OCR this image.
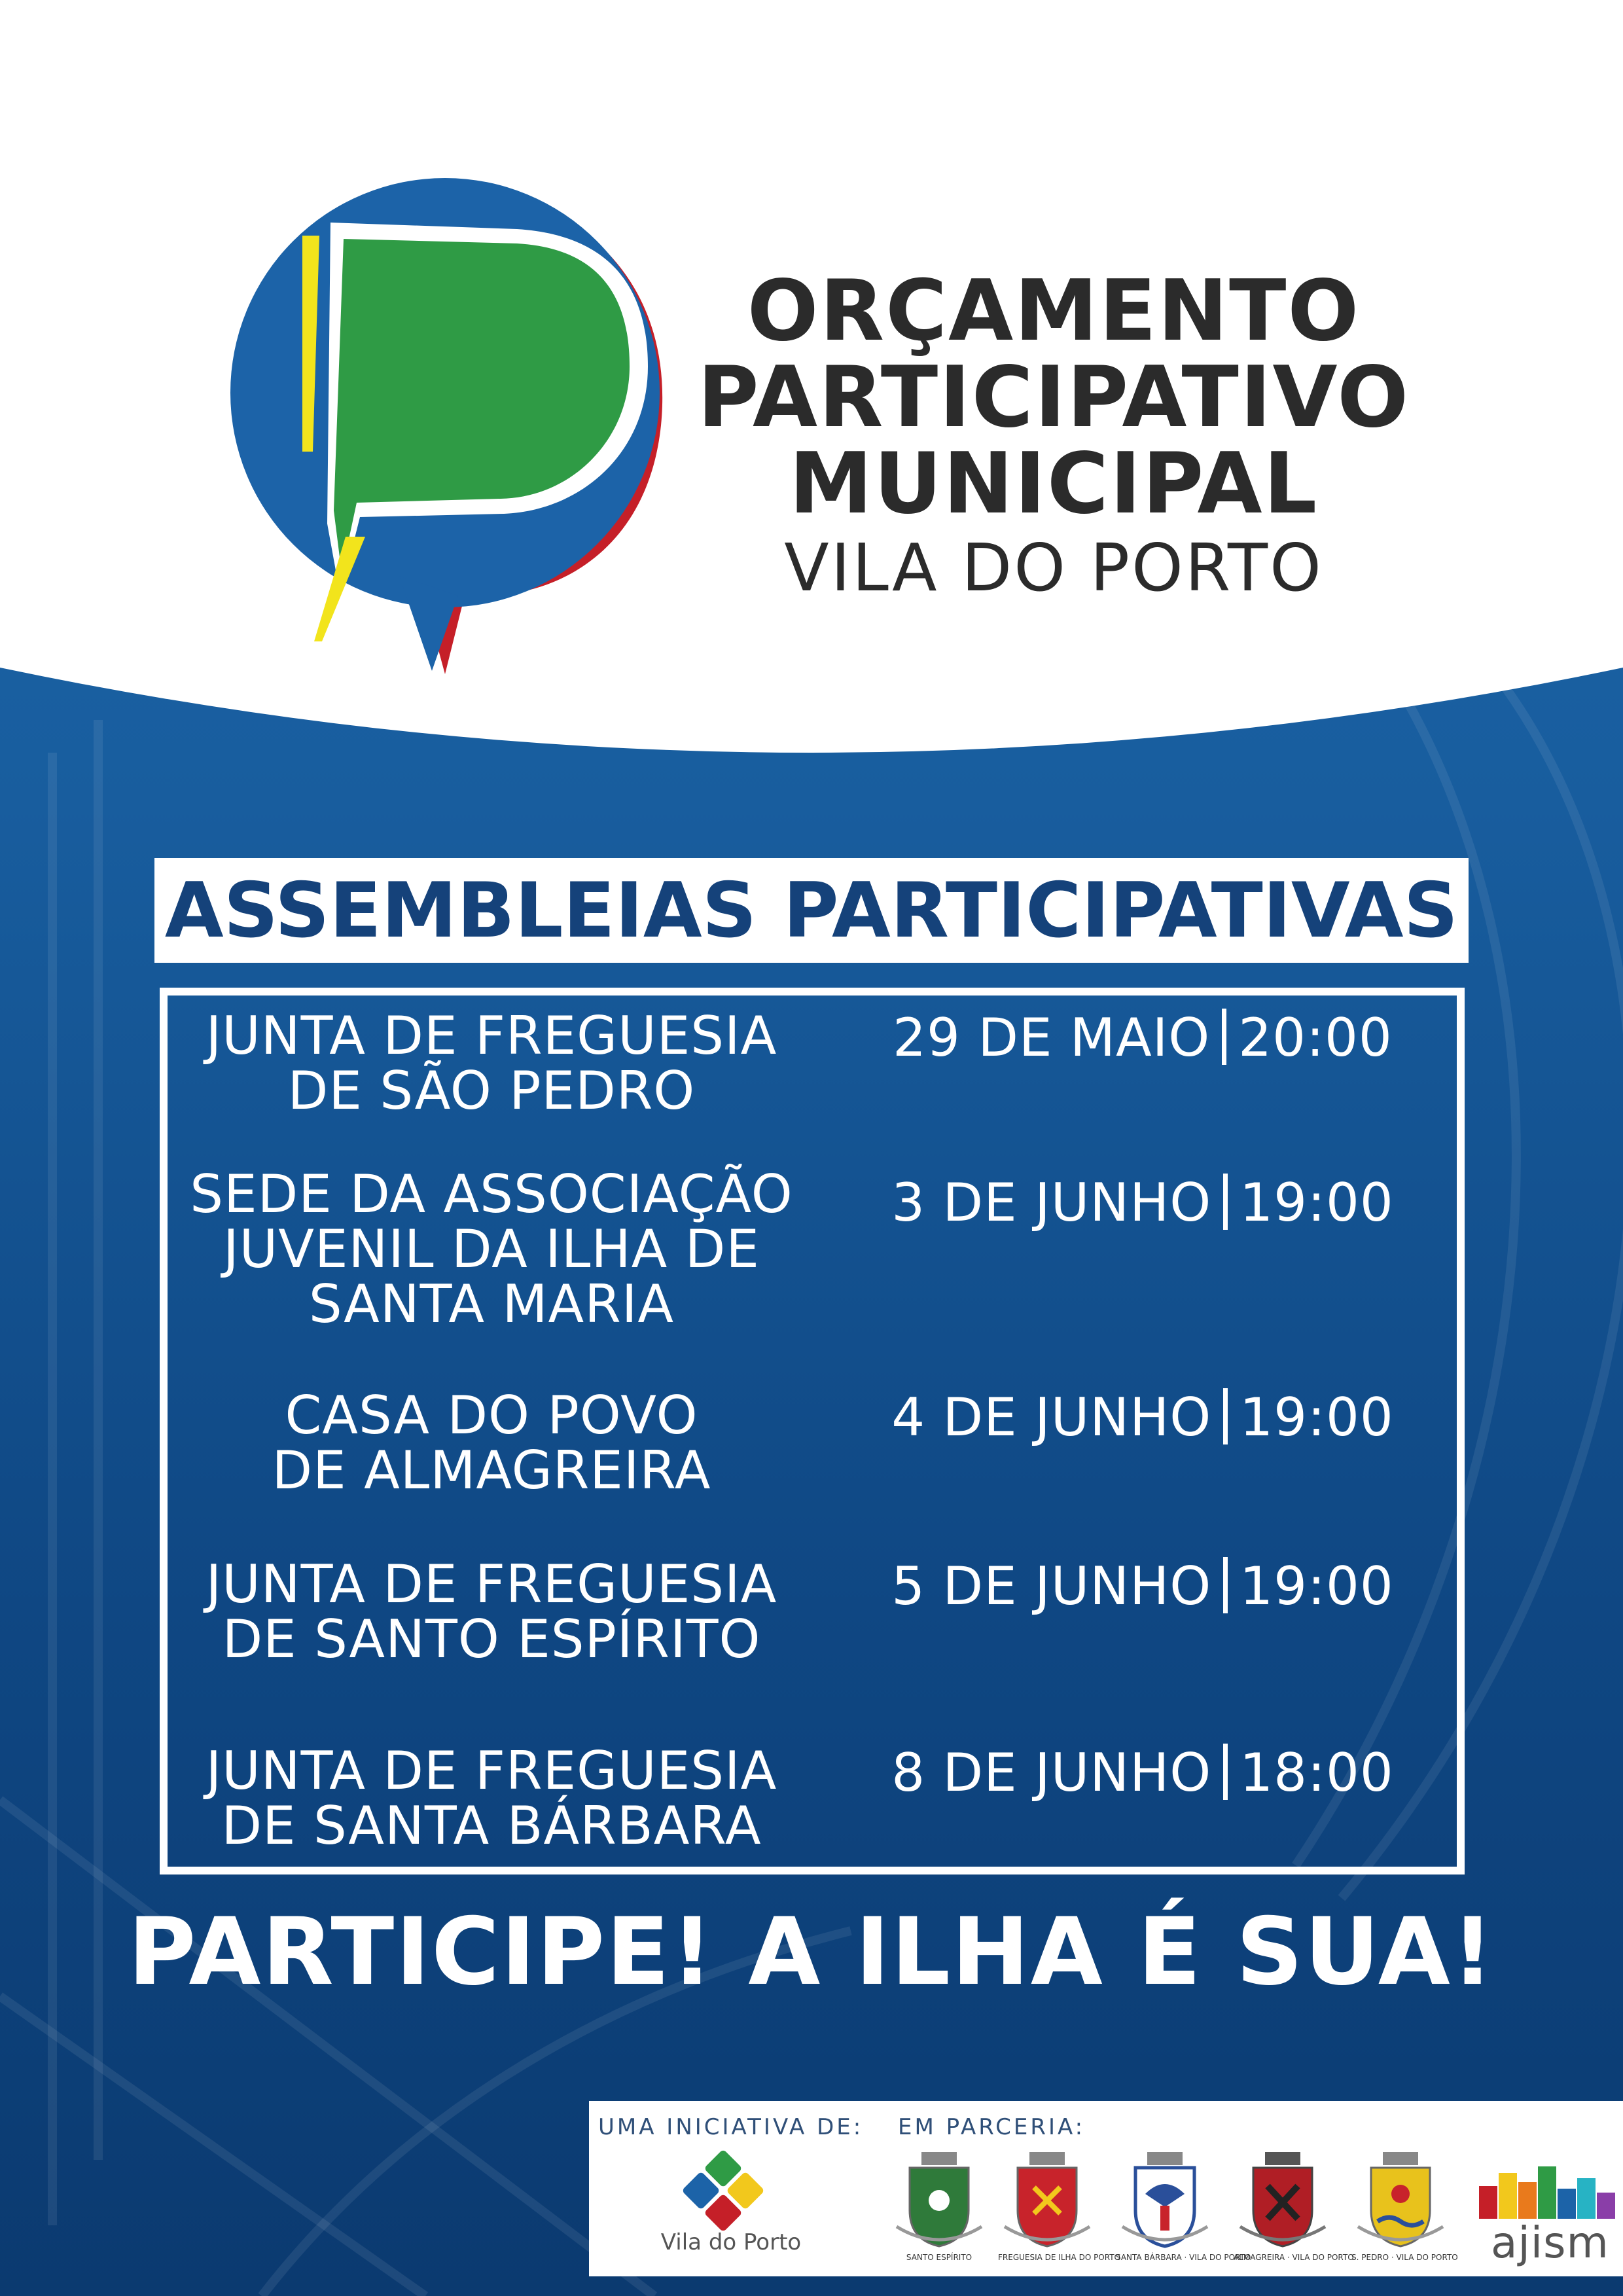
ORÇAMENTO
PARTICIPATIVO
MUNICIPAL
VILA DO PORTO
ASSEMBLEIAS PARTICIPATIVAS
JUNTA DE FREGUESIA
DE SÃO PEDRO
29 DE MAIO 20:00
SEDE DA ASSOCIAÇÃO
JUVENIL DA ILHA DE
SANTA MARIA
3 DE JUNHO 19:00
CASA DO POVO
DE ALMAGREIRA
4 DE JUNHO 19:00
JUNTA DE FREGUESIA
DE SANTO ESPÍRITO
5 DE JUNHO 19:00
JUNTA DE FREGUESIA
DE SANTA BÁRBARA
8 DE JUNHO 18:00
PARTICIPE! A ILHA É SUA!
UMA INICIATIVA DE:
Vila do Porto
EM PARCERIA:
SANTO ESPÍRITO	FREGUESIA DE ILHA DO PORTO
SANTA BÁRBARA · VILA DO PORTO
ALMAGREIRA · VILA DO PORTO
S. PEDRO · VILA DO PORTO ajism
